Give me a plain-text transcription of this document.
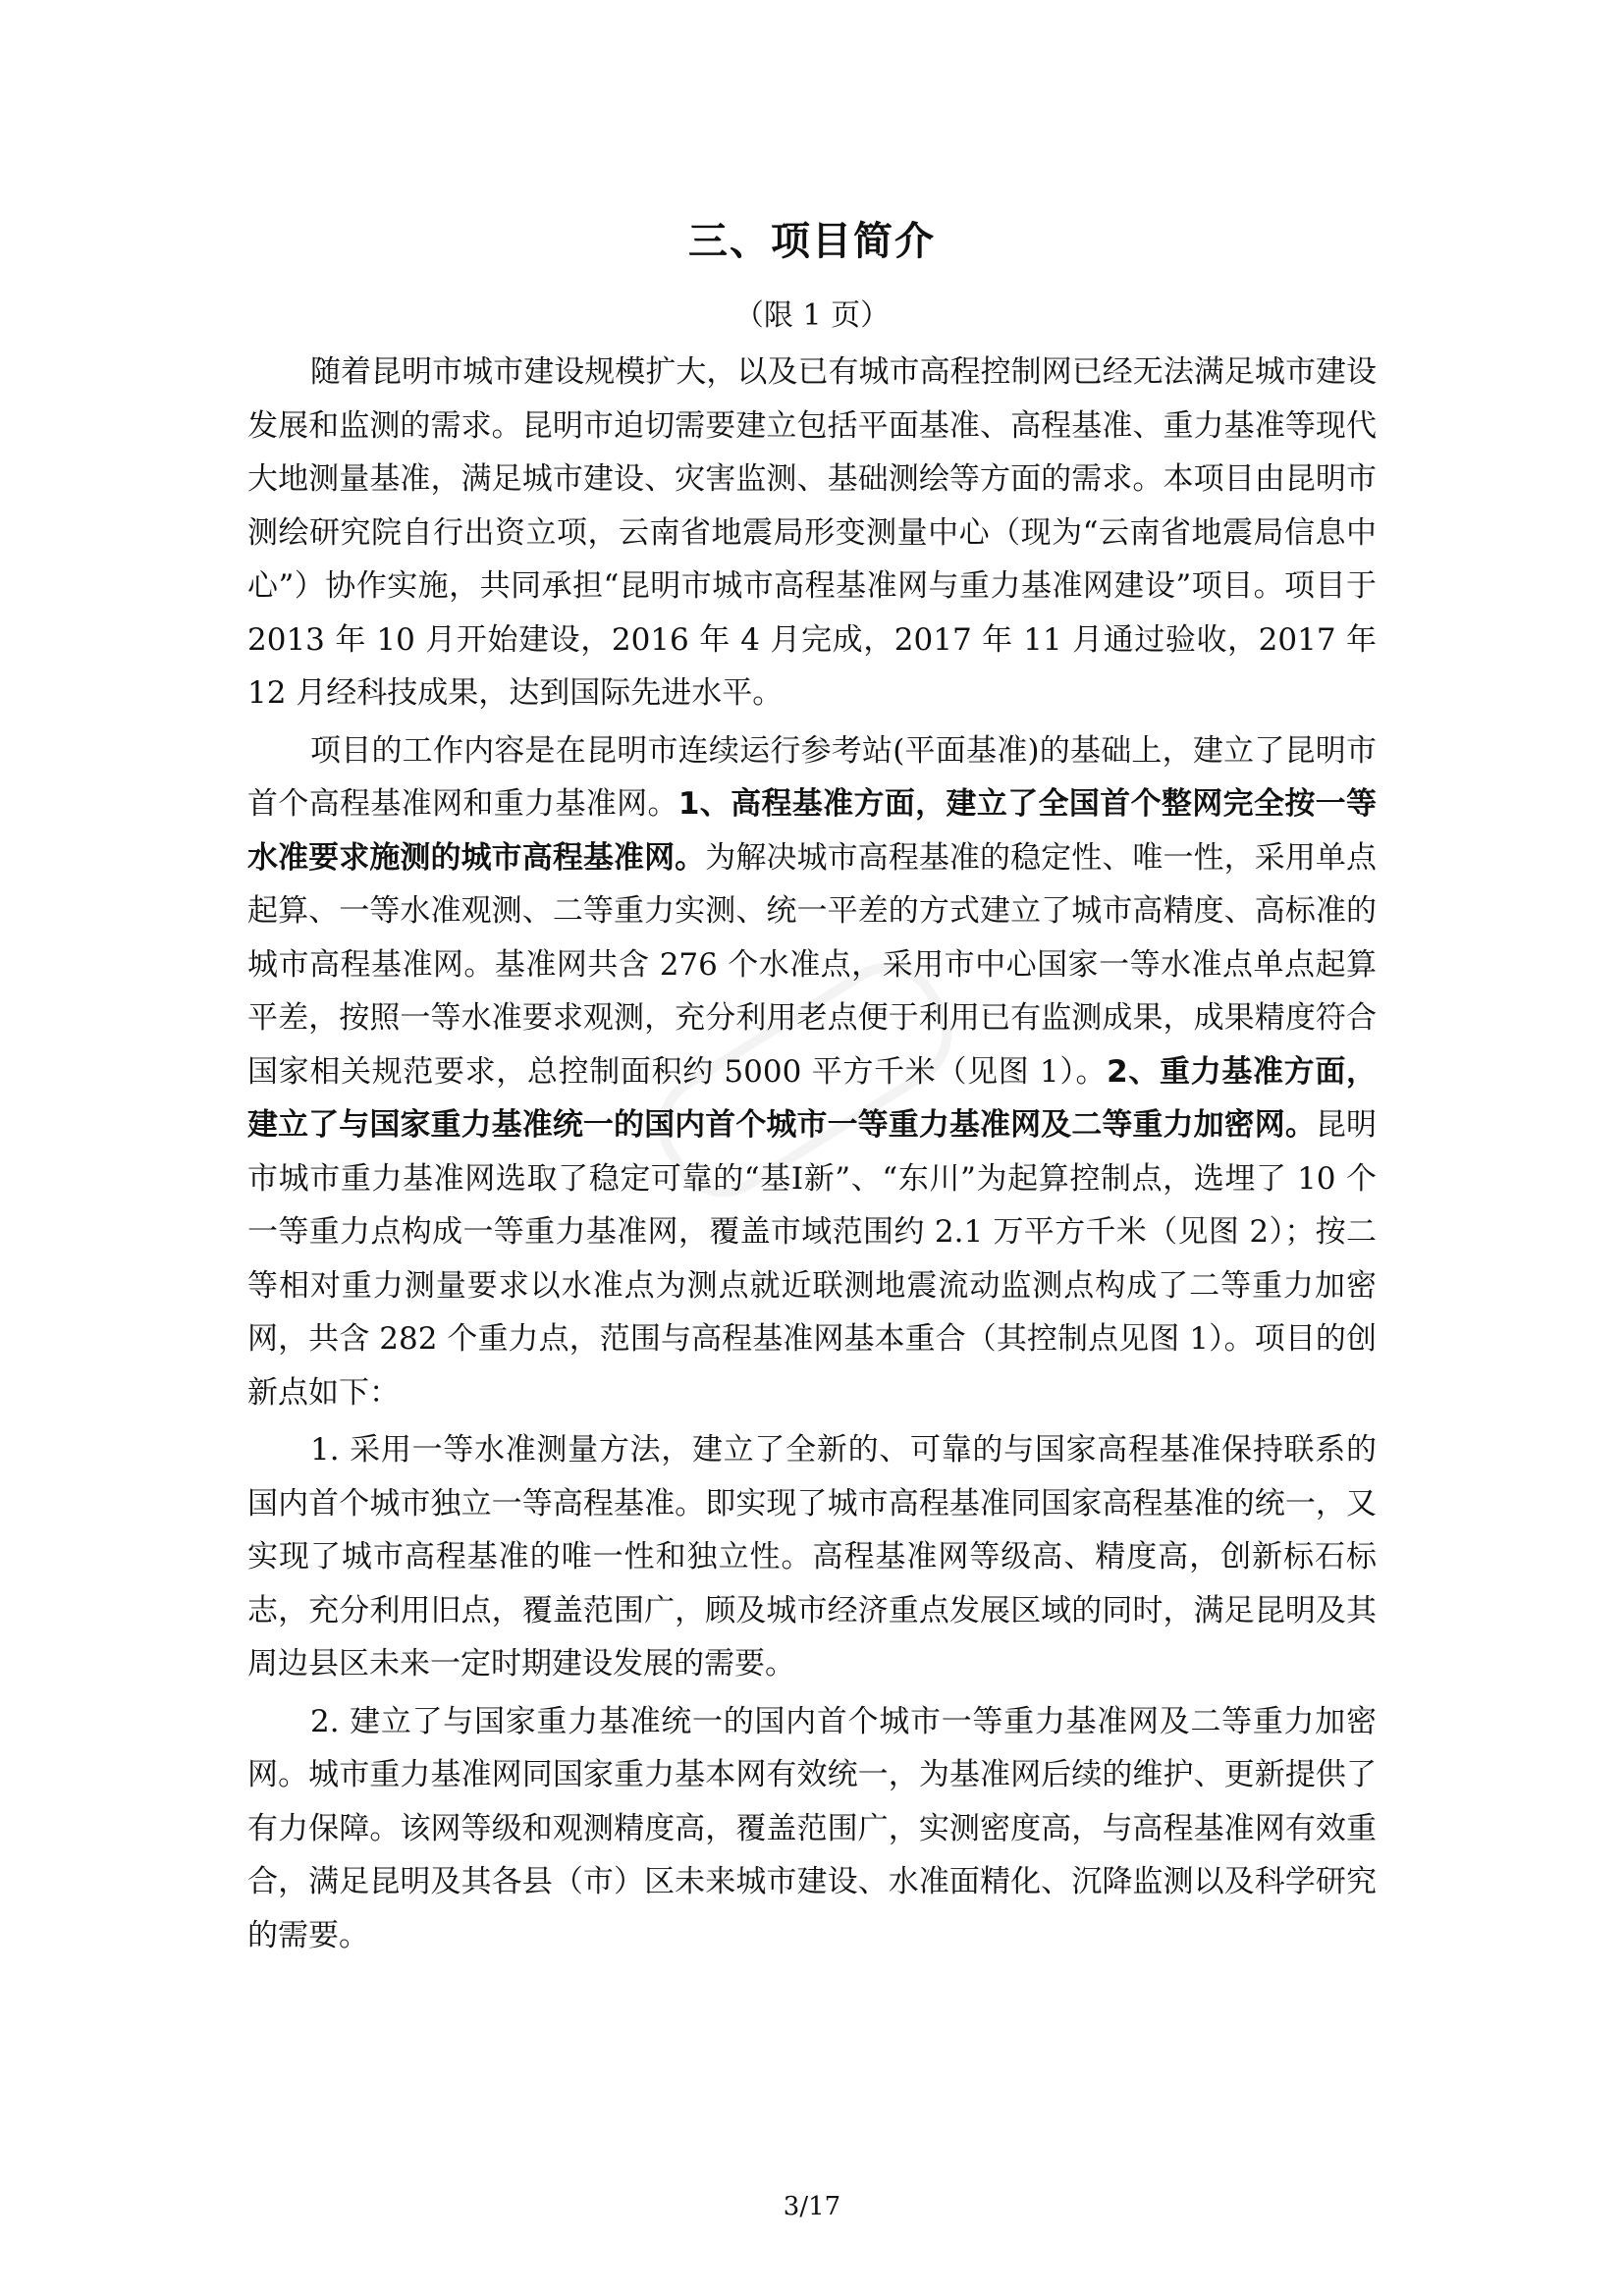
三、项目简介
（限 1 页）

随着昆明市城市建设规模扩大，以及已有城市高程控制网已经无法满足城市建设发展和监测的需求。昆明市迫切需要建立包括平面基准、高程基准、重力基准等现代大地测量基准，满足城市建设、灾害监测、基础测绘等方面的需求。本项目由昆明市测绘研究院自行出资立项，云南省地震局形变测量中心（现为“云南省地震局信息中心”）协作实施，共同承担“昆明市城市高程基准网与重力基准网建设”项目。项目于 2013 年 10 月开始建设，2016 年 4 月完成，2017 年 11 月通过验收，2017 年 12 月经科技成果，达到国际先进水平。

项目的工作内容是在昆明市连续运行参考站(平面基准)的基础上，建立了昆明市首个高程基准网和重力基准网。1、高程基准方面，建立了全国首个整网完全按一等水准要求施测的城市高程基准网。为解决城市高程基准的稳定性、唯一性，采用单点起算、一等水准观测、二等重力实测、统一平差的方式建立了城市高精度、高标准的城市高程基准网。基准网共含 276 个水准点，采用市中心国家一等水准点单点起算平差，按照一等水准要求观测，充分利用老点便于利用已有监测成果，成果精度符合国家相关规范要求，总控制面积约 5000 平方千米（见图 1）。2、重力基准方面，建立了与国家重力基准统一的国内首个城市一等重力基准网及二等重力加密网。昆明市城市重力基准网选取了稳定可靠的“基Ⅰ新”、“东川”为起算控制点，选埋了 10 个一等重力点构成一等重力基准网，覆盖市域范围约 2.1 万平方千米（见图 2）；按二等相对重力测量要求以水准点为测点就近联测地震流动监测点构成了二等重力加密网，共含 282 个重力点，范围与高程基准网基本重合（其控制点见图 1）。项目的创新点如下：

1. 采用一等水准测量方法，建立了全新的、可靠的与国家高程基准保持联系的国内首个城市独立一等高程基准。即实现了城市高程基准同国家高程基准的统一，又实现了城市高程基准的唯一性和独立性。高程基准网等级高、精度高，创新标石标志，充分利用旧点，覆盖范围广，顾及城市经济重点发展区域的同时，满足昆明及其周边县区未来一定时期建设发展的需要。

2. 建立了与国家重力基准统一的国内首个城市一等重力基准网及二等重力加密网。城市重力基准网同国家重力基本网有效统一，为基准网后续的维护、更新提供了有力保障。该网等级和观测精度高，覆盖范围广，实测密度高，与高程基准网有效重合，满足昆明及其各县（市）区未来城市建设、水准面精化、沉降监测以及科学研究的需要。

3/17
